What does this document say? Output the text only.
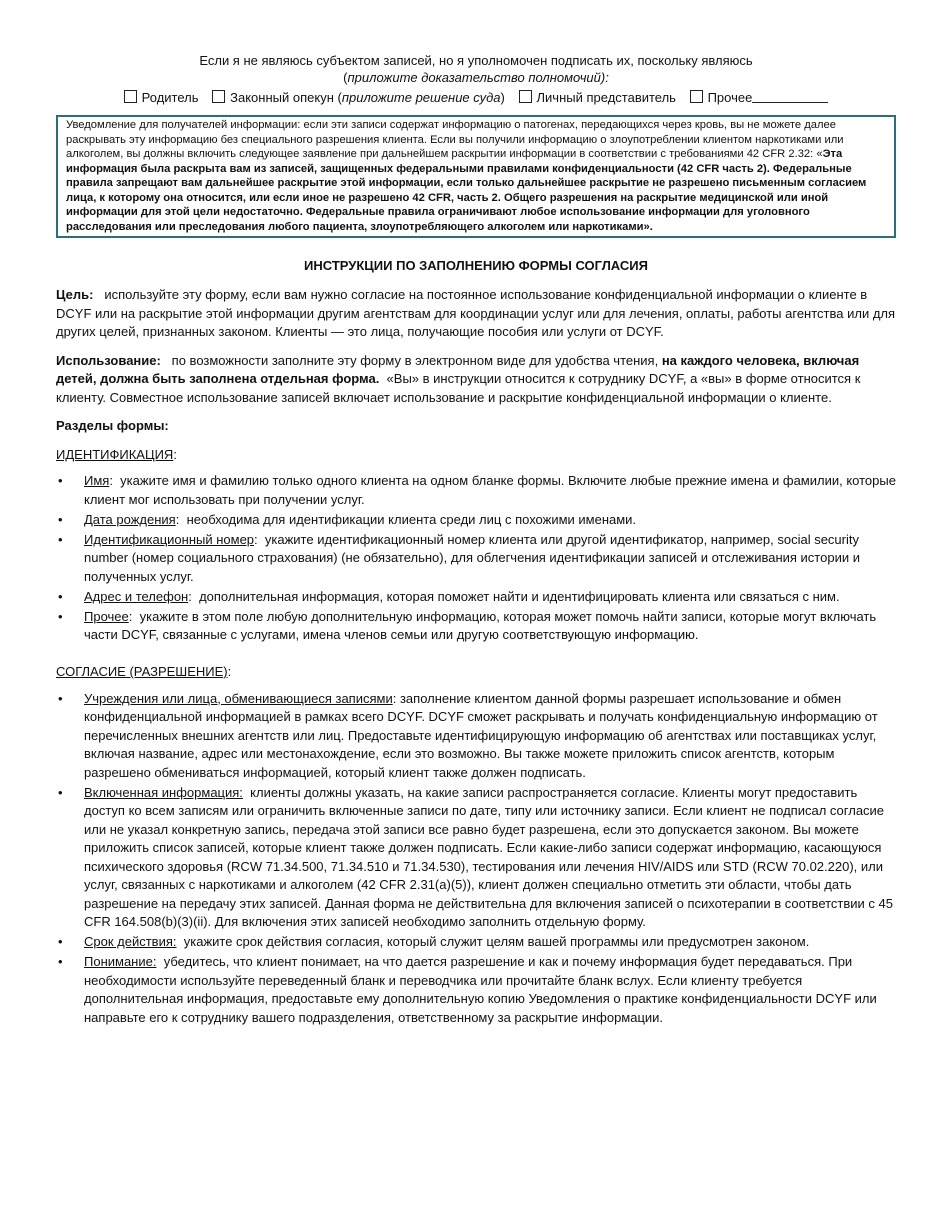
Если я не являюсь субъектом записей, но я уполномочен подписать их, поскольку являюсь
(приложите доказательство полномочий):
Родитель Законный опекун (приложите решение суда) Личный представитель Прочее
Уведомление для получателей информации: если эти записи содержат информацию о патогенах, передающихся через кровь, вы не можете далее раскрывать эту информацию без специального разрешения клиента. Если вы получили информацию о злоупотреблении клиентом наркотиками или алкоголем, вы должны включить следующее заявление при дальнейшем раскрытии информации в соответствии с требованиями 42 CFR 2.32: «Эта информация была раскрыта вам из записей, защищенных федеральными правилами конфиденциальности (42 CFR часть 2). Федеральные правила запрещают вам дальнейшее раскрытие этой информации, если только дальнейшее раскрытие не разрешено письменным согласием лица, к которому она относится, или если иное не разрешено 42 CFR, часть 2. Общего разрешения на раскрытие медицинской или иной информации для этой цели недостаточно. Федеральные правила ограничивают любое использование информации для уголовного расследования или преследования любого пациента, злоупотребляющего алкоголем или наркотиками».
ИНСТРУКЦИИ ПО ЗАПОЛНЕНИЮ ФОРМЫ СОГЛАСИЯ

Цель: используйте эту форму, если вам нужно согласие на постоянное использование конфиденциальной информации о клиенте в DCYF или на раскрытие этой информации другим агентствам для координации услуг или для лечения, оплаты, работы агентства или для других целей, признанных законом. Клиенты — это лица, получающие пособия или услуги от DCYF.

Использование: по возможности заполните эту форму в электронном виде для удобства чтения, на каждого человека, включая детей, должна быть заполнена отдельная форма. «Вы» в инструкции относится к сотруднику DCYF, а «вы» в форме относится к клиенту. Совместное использование записей включает использование и раскрытие конфиденциальной информации о клиенте.

Разделы формы:

ИДЕНТИФИКАЦИЯ:
• Имя:  укажите имя и фамилию только одного клиента на одном бланке формы. Включите любые прежние имена и фамилии, которые клиент мог использовать при получении услуг.
• Дата рождения:  необходима для идентификации клиента среди лиц с похожими именами.
• Идентификационный номер:  укажите идентификационный номер клиента или другой идентификатор, например, social security number (номер социального страхования) (не обязательно), для облегчения идентификации записей и отслеживания истории и полученных услуг.
• Адрес и телефон:  дополнительная информация, которая поможет найти и идентифицировать клиента или связаться с ним.
• Прочее:  укажите в этом поле любую дополнительную информацию, которая может помочь найти записи, которые могут включать части DCYF, связанные с услугами, имена членов семьи или другую соответствующую информацию.
СОГЛАСИЕ (РАЗРЕШЕНИЕ):
• Учреждения или лица, обменивающиеся записями: заполнение клиентом данной формы разрешает использование и обмен конфиденциальной информацией в рамках всего DCYF. DCYF сможет раскрывать и получать конфиденциальную информацию от перечисленных внешних агентств или лиц. Предоставьте идентифицирующую информацию об агентствах или поставщиках услуг, включая название, адрес или местонахождение, если это возможно. Вы также можете приложить список агентств, которым разрешено обмениваться информацией, который клиент также должен подписать.
• Включенная информация: клиенты должны указать, на какие записи распространяется согласие. Клиенты могут предоставить доступ ко всем записям или ограничить включенные записи по дате, типу или источнику записи. Если клиент не подписал согласие или не указал конкретную запись, передача этой записи все равно будет разрешена, если это допускается законом. Вы можете приложить список записей, которые клиент также должен подписать. Если какие-либо записи содержат информацию, касающуюся психического здоровья (RCW 71.34.500, 71.34.510 и 71.34.530), тестирования или лечения HIV/AIDS или STD (RCW 70.02.220), или услуг, связанных с наркотиками и алкоголем (42 CFR 2.31(a)(5)), клиент должен специально отметить эти области, чтобы дать разрешение на передачу этих записей. Данная форма не действительна для включения записей о психотерапии в соответствии с 45 CFR 164.508(b)(3)(ii). Для включения этих записей необходимо заполнить отдельную форму.
• Срок действия: укажите срок действия согласия, который служит целям вашей программы или предусмотрен законом.
• Понимание: убедитесь, что клиент понимает, на что дается разрешение и как и почему информация будет передаваться. При необходимости используйте переведенный бланк и переводчика или прочитайте бланк вслух. Если клиенту требуется дополнительная информация, предоставьте ему дополнительную копию Уведомления о практике конфиденциальности DCYF или направьте его к сотруднику вашего подразделения, ответственному за раскрытие информации.
